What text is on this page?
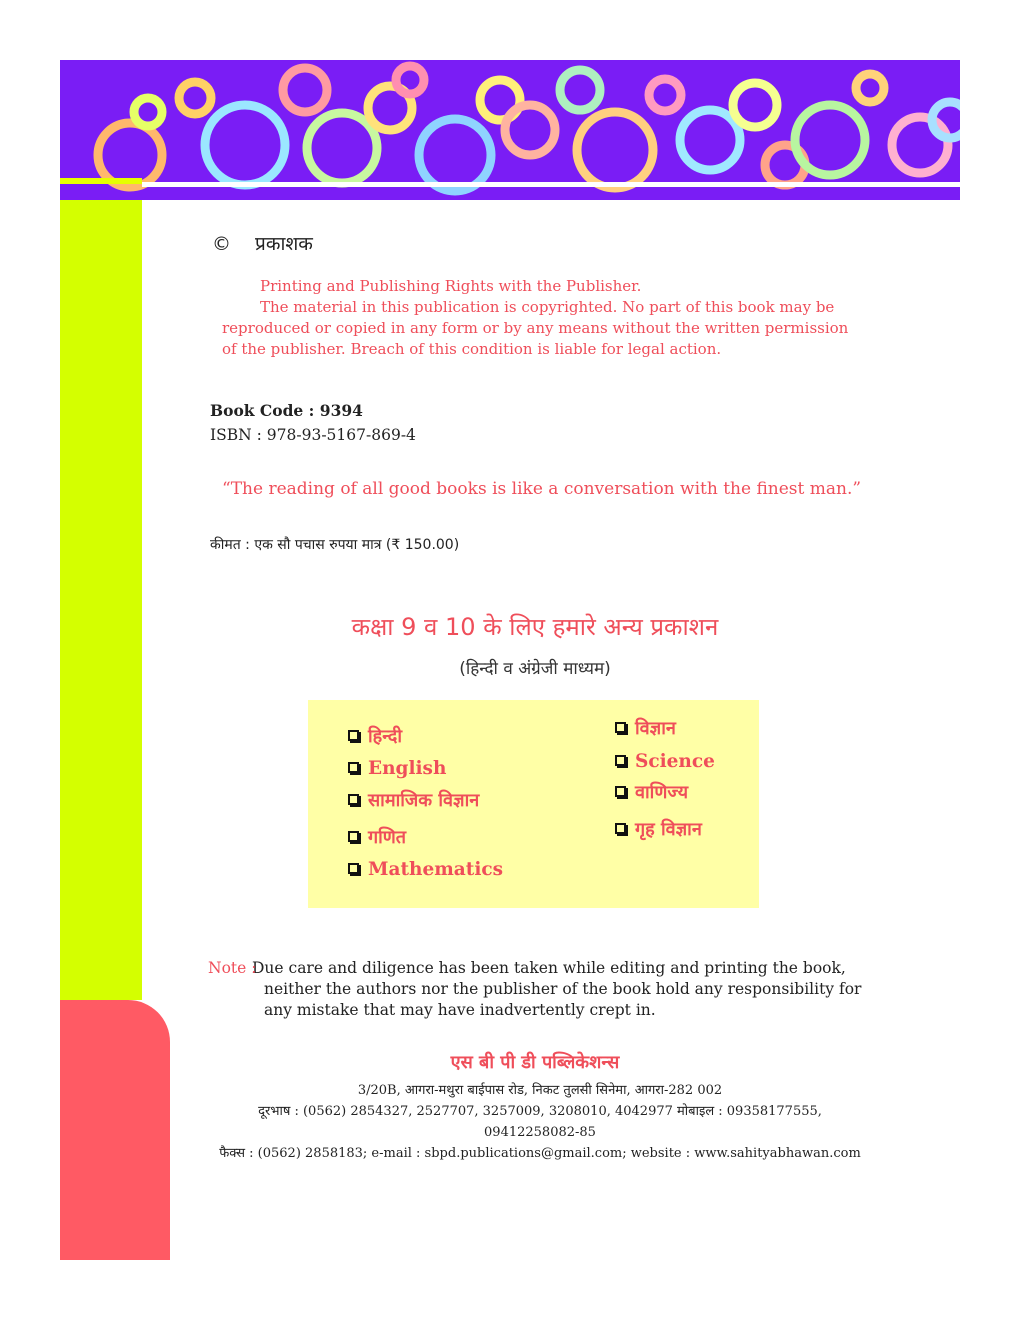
© प्रकाशक

Printing and Publishing Rights with the Publisher.

The material in this publication is copyrighted. No part of this book may be reproduced or copied in any form or by any means without the written permission of the publisher. Breach of this condition is liable for legal action.

Book Code : 9394
ISBN : 978-93-5167-869-4
“The reading of all good books is like a conversation with the finest man.”
कीमत : एक सौ पचास रुपया मात्र (₹ 150.00)
कक्षा 9 व 10 के लिए हमारे अन्य प्रकाशन
(हिन्दी व अंग्रेजी माध्यम)
हिन्दी
English
सामाजिक विज्ञान
गणित
Mathematics
विज्ञान
Science
वाणिज्य
गृह विज्ञान
Note :
Due care and diligence has been taken while editing and printing the book,
neither the authors nor the publisher of the book hold any responsibility for any mistake that may have inadvertently crept in.
एस बी पी डी पब्लिकेशन्स
3/20B, आगरा-मथुरा बाईपास रोड, निकट तुलसी सिनेमा, आगरा-282 002
दूरभाष : (0562) 2854327, 2527707, 3257009, 3208010, 4042977 मोबाइल : 09358177555, 09412258082-85
फैक्स : (0562) 2858183; e-mail : sbpd.publications@gmail.com; website : www.sahityabhawan.com
